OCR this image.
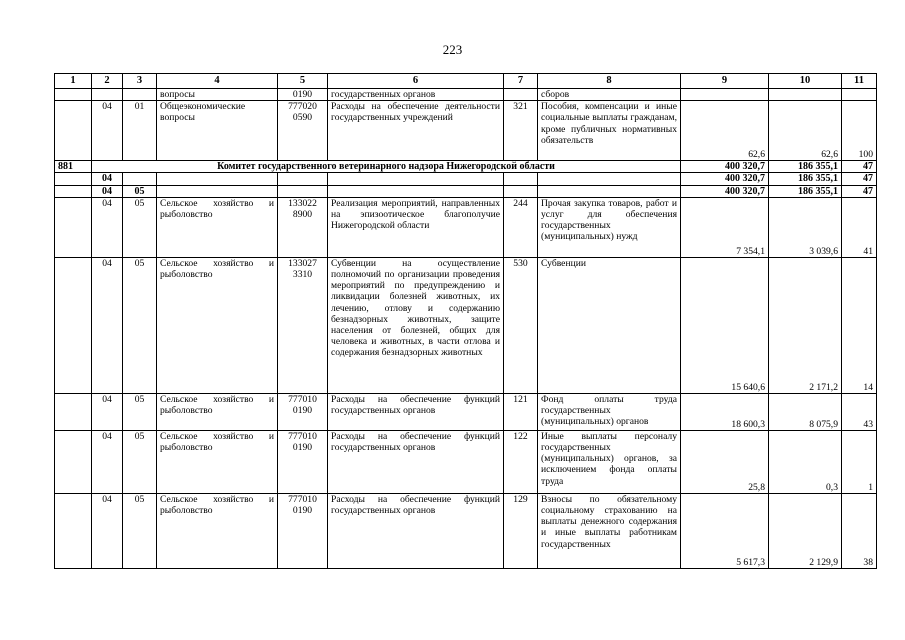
223
1	2	3	4	5	6	7	8	9	10	11
			вопросы	0190	государственных органов		сборов			
	04	01	Общеэкономические вопросы	777020 0590	Расходы на обеспечение деятельности государственных учреждений	321	Пособия, компенсации и иные социальные выплаты гражданам, кроме публичных нормативных обязательств	62,6	62,6	100
881	Комитет государственного ветеринарного надзора Нижегородской области							400 320,7	186 355,1	47
	04							400 320,7	186 355,1	47
	04	05						400 320,7	186 355,1	47
	04	05	Сельское хозяйство и рыболовство	133022 8900	Реализация мероприятий, направленных на эпизоотическое благополучие Нижегородской области	244	Прочая закупка товаров, работ и услуг для обеспечения государственных (муниципальных) нужд	7 354,1	3 039,6	41
	04	05	Сельское хозяйство и рыболовство	133027 3310	Субвенции на осуществление полномочий по организации проведения мероприятий по предупреждению и ликвидации болезней животных, их лечению, отлову и содержанию безнадзорных животных, защите населения от болезней, общих для человека и животных, в части отлова и содержания безнадзорных животных	530	Субвенции	15 640,6	2 171,2	14
	04	05	Сельское хозяйство и рыболовство	777010 0190	Расходы на обеспечение функций государственных органов	121	Фонд оплаты труда государственных (муниципальных) органов	18 600,3	8 075,9	43
	04	05	Сельское хозяйство и рыболовство	777010 0190	Расходы на обеспечение функций государственных органов	122	Иные выплаты персоналу государственных (муниципальных) органов, за исключением фонда оплаты труда	25,8	0,3	1
	04	05	Сельское хозяйство и рыболовство	777010 0190	Расходы на обеспечение функций государственных органов	129	Взносы по обязательному социальному страхованию на выплаты денежного содержания и иные выплаты работникам государственных	5 617,3	2 129,9	38
